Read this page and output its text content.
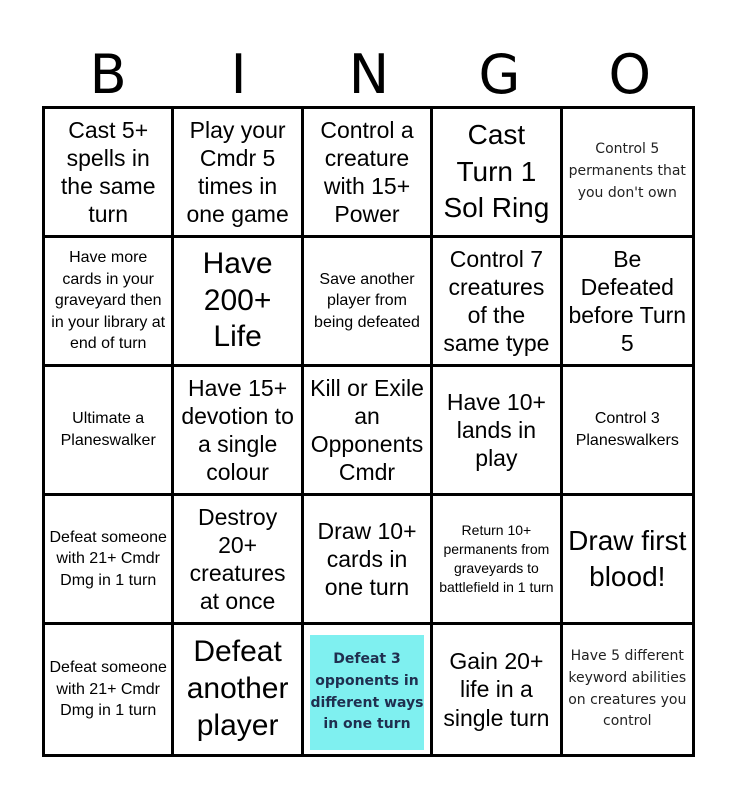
B	I	N	G	O
Cast 5+ spells in the same turn
Play your Cmdr 5 times in one game
Control a creature with 15+ Power
Cast Turn 1 Sol Ring
Control 5 permanents that you don't own
Have more cards in your graveyard then in your library at end of turn
Have 200+ Life
Save another player from being defeated
Control 7 creatures of the same type
Be Defeated before Turn 5
Ultimate a Planeswalker
Have 15+ devotion to a single colour
Kill or Exile an Opponents Cmdr
Have 10+ lands in play
Control 3 Planeswalkers
Defeat someone with 21+ Cmdr Dmg in 1 turn
Destroy 20+ creatures at once
Draw 10+ cards in one turn
Return 10+ permanents from graveyards to battlefield in 1 turn
Draw first blood!
Defeat someone with 21+ Cmdr Dmg in 1 turn
Defeat another player
Defeat 3 opponents in different ways in one turn
Gain 20+ life in a single turn
Have 5 different keyword abilities on creatures you control
